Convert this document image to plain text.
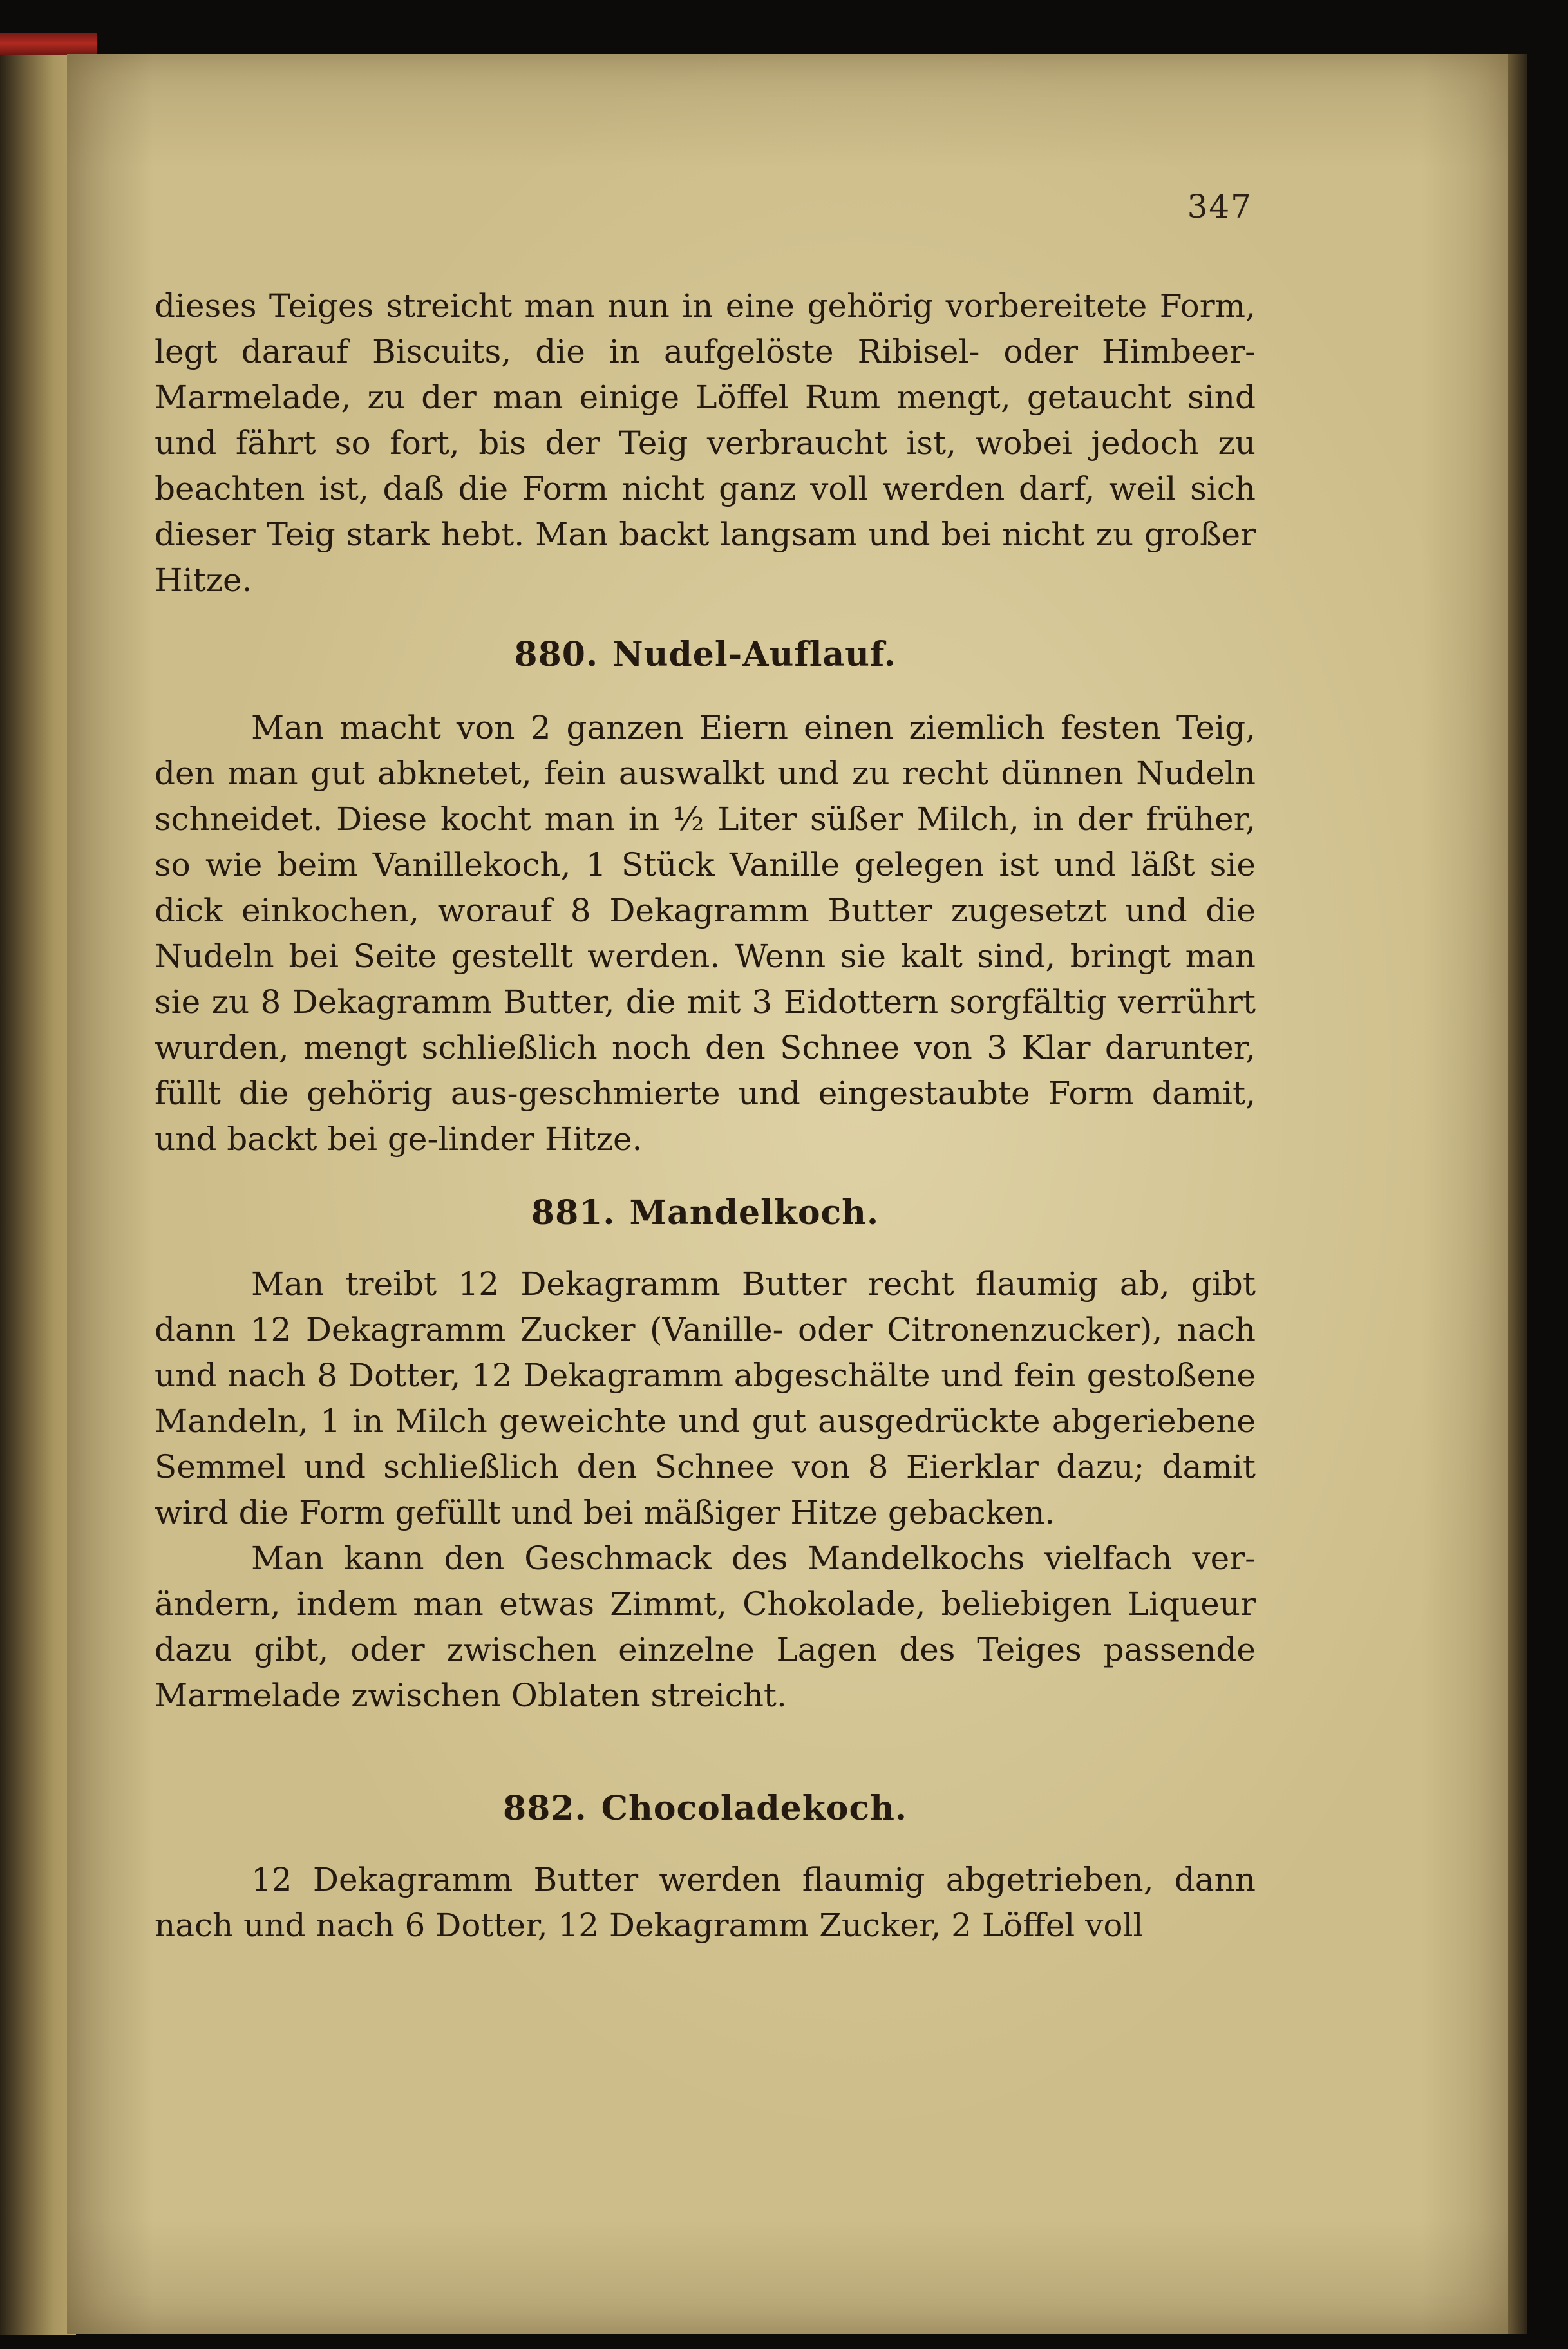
347

dieses Teiges streicht man nun in eine gehörig vorbereitete Form, legt darauf Biscuits, die in aufgelöste Ribisel- oder Himbeer-Marmelade, zu der man einige Löffel Rum mengt, getaucht sind und fährt so fort, bis der Teig verbraucht ist, wobei jedoch zu beachten ist, daß die Form nicht ganz voll werden darf, weil sich dieser Teig stark hebt. Man backt langsam und bei nicht zu großer Hitze.

880. Nudel-Auflauf.

Man macht von 2 ganzen Eiern einen ziemlich festen Teig, den man gut abknetet, fein auswalkt und zu recht dünnen Nudeln schneidet. Diese kocht man in ½ Liter süßer Milch, in der früher, so wie beim Vanillekoch, 1 Stück Vanille gelegen ist und läßt sie dick einkochen, worauf 8 Dekagramm Butter zugesetzt und die Nudeln bei Seite gestellt werden. Wenn sie kalt sind, bringt man sie zu 8 Dekagramm Butter, die mit 3 Eidottern sorgfältig verrührt wurden, mengt schließlich noch den Schnee von 3 Klar darunter, füllt die gehörig aus-geschmierte und eingestaubte Form damit, und backt bei ge-linder Hitze.

881. Mandelkoch.

Man treibt 12 Dekagramm Butter recht flaumig ab, gibt dann 12 Dekagramm Zucker (Vanille- oder Citronenzucker), nach und nach 8 Dotter, 12 Dekagramm abgeschälte und fein gestoßene Mandeln, 1 in Milch geweichte und gut ausgedrückte abgeriebene Semmel und schließlich den Schnee von 8 Eierklar dazu; damit wird die Form gefüllt und bei mäßiger Hitze gebacken.

Man kann den Geschmack des Mandelkochs vielfach ver-ändern, indem man etwas Zimmt, Chokolade, beliebigen Liqueur dazu gibt, oder zwischen einzelne Lagen des Teiges passende Marmelade zwischen Oblaten streicht.

882. Chocoladekoch.

12 Dekagramm Butter werden flaumig abgetrieben, dann nach und nach 6 Dotter, 12 Dekagramm Zucker, 2 Löffel voll
